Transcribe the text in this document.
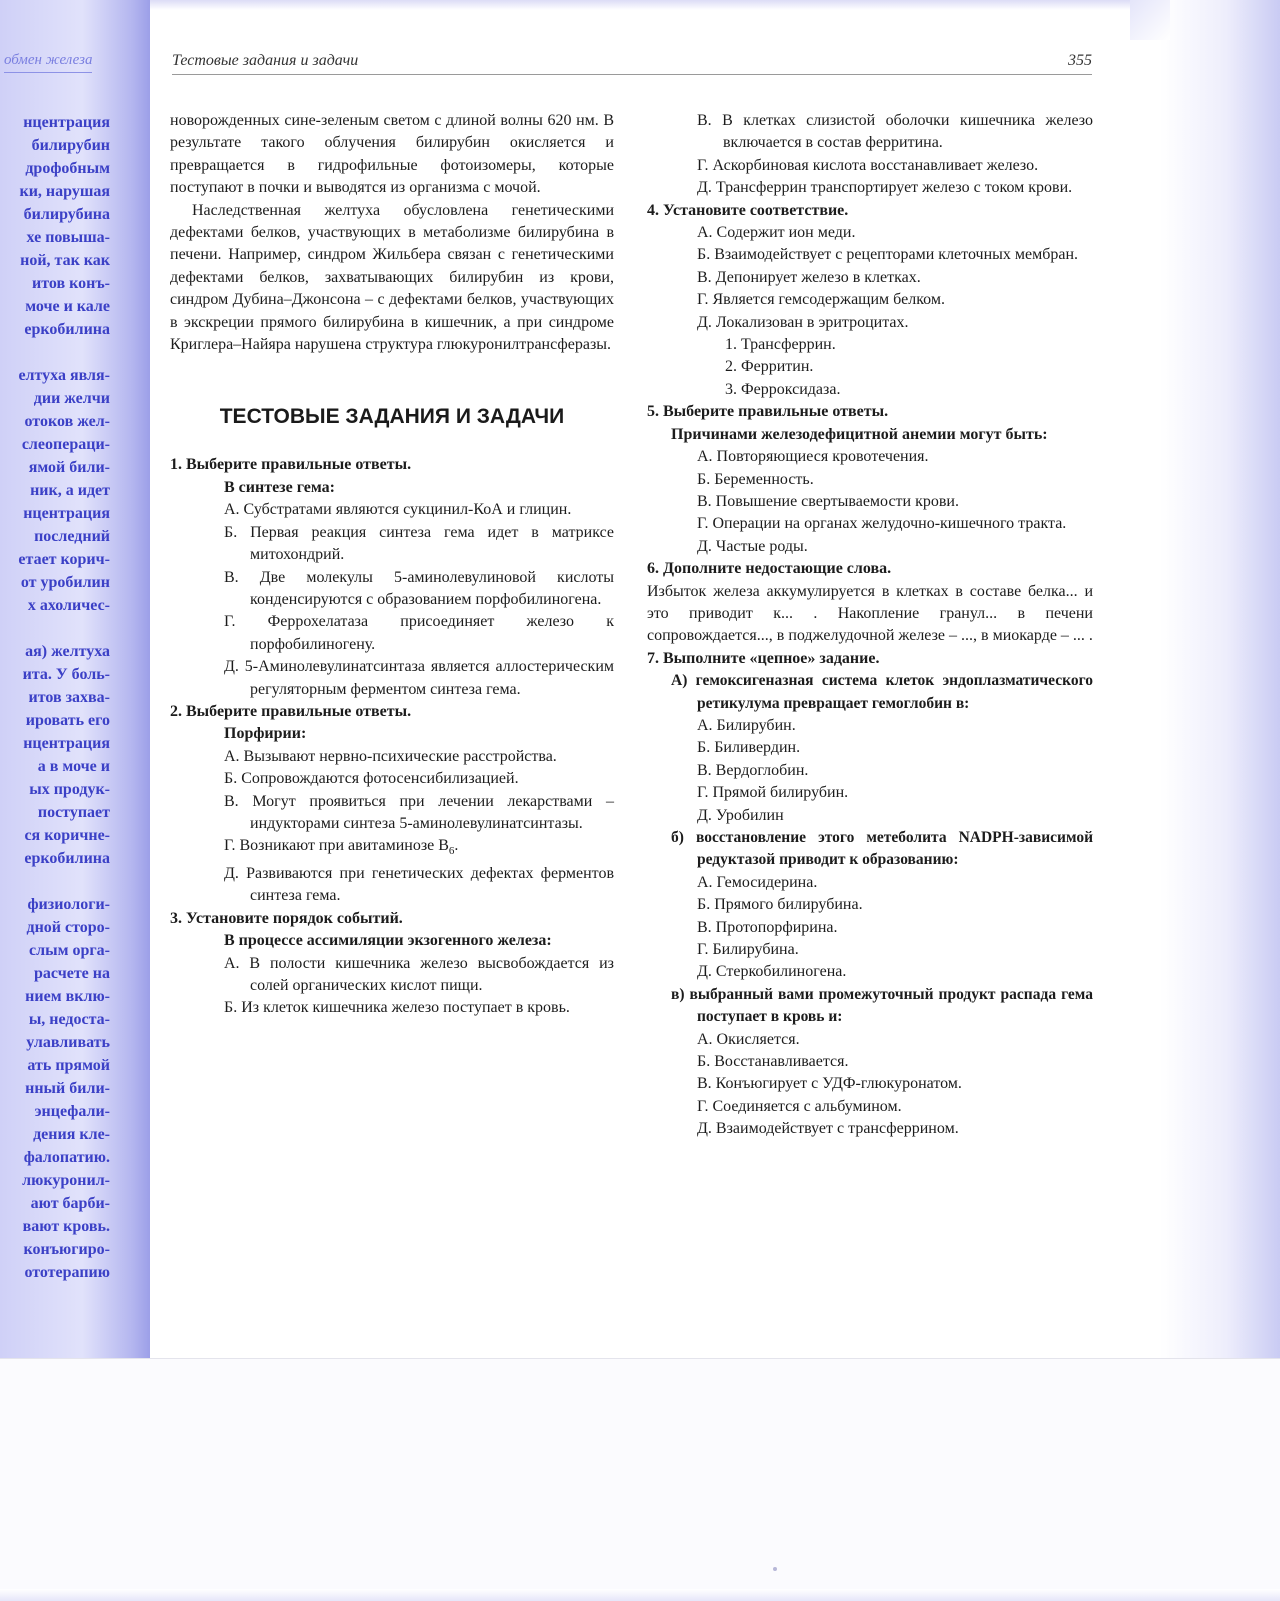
обмен железа
нцентрация
билирубин
дрофобным
ки, нарушая
билирубина
хе повыша-
ной, так как
итов конъ-
моче и кале
еркобилина
елтуха явля-
дии желчи
отоков жел-
слеопераци-
ямой били-
ник, а идет
нцентрация
последний
етает корич-
от уробилин
х ахоличес-
ая) желтуха
ита. У боль-
итов захва-
ировать его
нцентрация
а в моче и
ых продук-
поступает
ся коричне-
еркобилина
физиологи-
дной сторо-
слым орга-
расчете на
нием вклю-
ы, недоста-
улавливать
ать прямой
нный били-
энцефали-
дения кле-
фалопатию.
люкуронил-
ают барби-
вают кровь.
конъюгиро-
ототерапию
Тестовые задания и задачи	355

новорожденных сине-зеленым светом с длиной волны 620 нм. В результате такого облучения билирубин окисляется и превращается в гидрофильные фотоизомеры, которые поступают в почки и выводятся из организма с мочой.

Наследственная желтуха обусловлена генетическими дефектами белков, участвующих в метаболизме билирубина в печени. Например, синдром Жильбера связан с генетическими дефектами белков, захватывающих билирубин из крови, синдром Дубина–Джонсона – с дефектами белков, участвующих в экскреции прямого билирубина в кишечник, а при синдроме Криглера–Найяра нарушена структура глюкуронилтрансферазы.

ТЕСТОВЫЕ ЗАДАНИЯ И ЗАДАЧИ

1. Выберите правильные ответы.

В синтезе гема:

А. Субстратами являются сукцинил-КоА и глицин.

Б. Первая реакция синтеза гема идет в матриксе митохондрий.

В. Две молекулы 5-аминолевулиновой кислоты конденсируются с образованием порфобилиногена.

Г. Феррохелатаза присоединяет железо к порфобилиногену.

Д. 5-Аминолевулинатсинтаза является аллостерическим регуляторным ферментом синтеза гема.

2. Выберите правильные ответы.

Порфирии:

А. Вызывают нервно-психические расстройства.

Б. Сопровождаются фотосенсибилизацией.

В. Могут проявиться при лечении лекарствами – индукторами синтеза 5-аминолевулинатсинтазы.

Г. Возникают при авитаминозе $B_6$.

Д. Развиваются при генетических дефектах ферментов синтеза гема.

3. Установите порядок событий.

В процессе ассимиляции экзогенного железа:

А. В полости кишечника железо высвобождается из солей органических кислот пищи.

Б. Из клеток кишечника железо поступает в кровь.

В. В клетках слизистой оболочки кишечника железо включается в состав ферритина.

Г. Аскорбиновая кислота восстанавливает железо.

Д. Трансферрин транспортирует железо с током крови.

4. Установите соответствие.

А. Содержит ион меди.

Б. Взаимодействует с рецепторами клеточных мембран.

В. Депонирует железо в клетках.

Г. Является гемсодержащим белком.

Д. Локализован в эритроцитах.

1. Трансферрин.

2. Ферритин.

3. Ферроксидаза.

5. Выберите правильные ответы.

Причинами железодефицитной анемии могут быть:

А. Повторяющиеся кровотечения.

Б. Беременность.

В. Повышение свертываемости крови.

Г. Операции на органах желудочно-кишечного тракта.

Д. Частые роды.

6. Дополните недостающие слова.

Избыток железа аккумулируется в клетках в составе белка... и это приводит к... . Накопление гранул... в печени сопровождается..., в поджелудочной железе – ..., в миокарде – ... .

7. Выполните «цепное» задание.

А) гемоксигеназная система клеток эндоплазматического ретикулума превращает гемоглобин в:

А. Билирубин.

Б. Биливердин.

В. Вердоглобин.

Г. Прямой билирубин.

Д. Уробилин

б) восстановление этого метеболита NADPH-зависимой редуктазой приводит к образованию:

А. Гемосидерина.

Б. Прямого билирубина.

В. Протопорфирина.

Г. Билирубина.

Д. Стеркобилиногена.

в) выбранный вами промежуточный продукт распада гема поступает в кровь и:

А. Окисляется.

Б. Восстанавливается.

В. Конъюгирует с УДФ-глюкуронатом.

Г. Соединяется с альбумином.

Д. Взаимодействует с трансферрином.
